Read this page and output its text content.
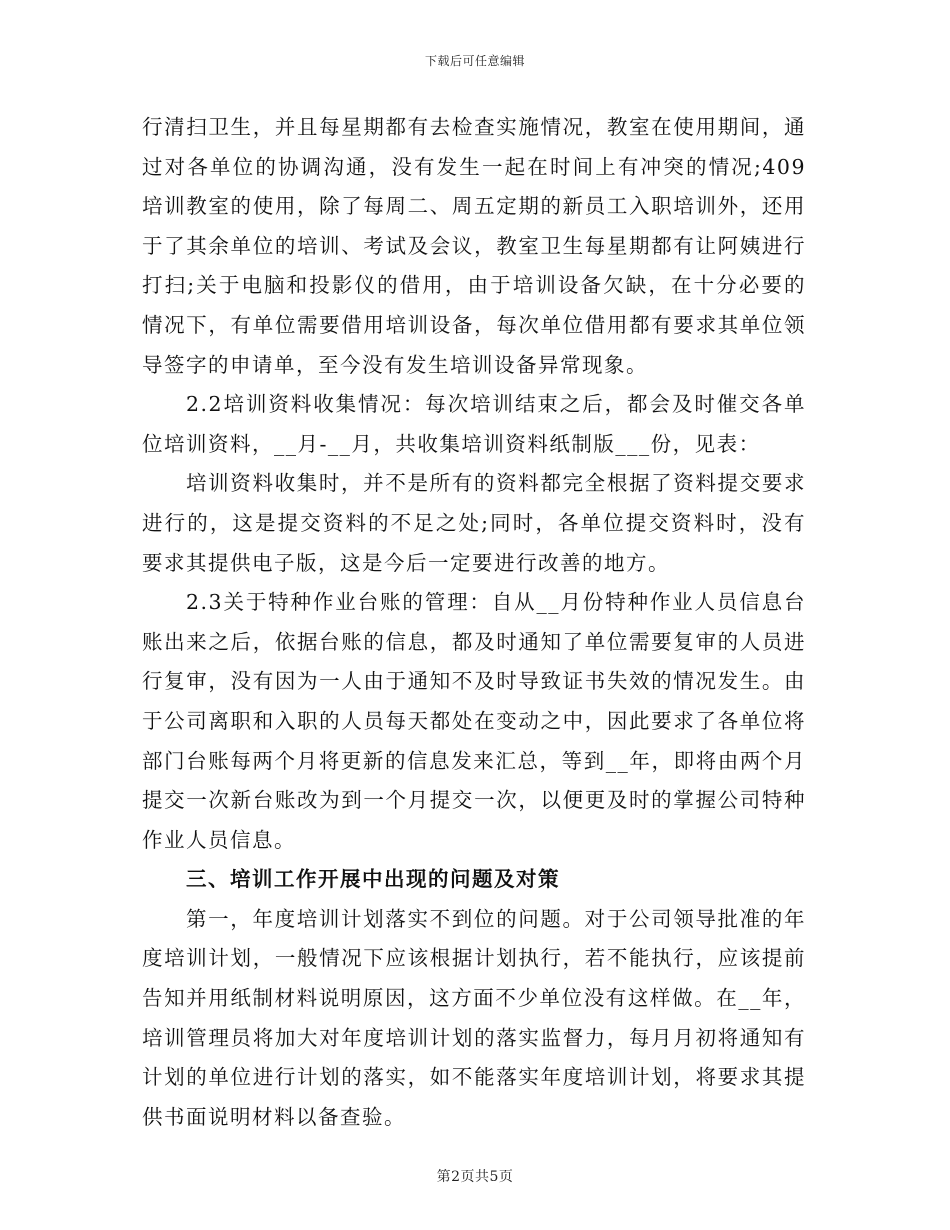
下载后可任意编辑

行清扫卫生，并且每星期都有去检查实施情况，教室在使用期间，通过对各单位的协调沟通，没有发生一起在时间上有冲突的情况;409培训教室的使用，除了每周二、周五定期的新员工入职培训外，还用于了其余单位的培训、考试及会议，教室卫生每星期都有让阿姨进行打扫;关于电脑和投影仪的借用，由于培训设备欠缺，在十分必要的情况下，有单位需要借用培训设备，每次单位借用都有要求其单位领导签字的申请单，至今没有发生培训设备异常现象。

2.2培训资料收集情况：每次培训结束之后，都会及时催交各单位培训资料，__月-__月，共收集培训资料纸制版___份，见表：

培训资料收集时，并不是所有的资料都完全根据了资料提交要求进行的，这是提交资料的不足之处;同时，各单位提交资料时，没有要求其提供电子版，这是今后一定要进行改善的地方。

2.3关于特种作业台账的管理：自从__月份特种作业人员信息台账出来之后，依据台账的信息，都及时通知了单位需要复审的人员进行复审，没有因为一人由于通知不及时导致证书失效的情况发生。由于公司离职和入职的人员每天都处在变动之中，因此要求了各单位将部门台账每两个月将更新的信息发来汇总，等到__年，即将由两个月提交一次新台账改为到一个月提交一次，以便更及时的掌握公司特种作业人员信息。

三、培训工作开展中出现的问题及对策

第一，年度培训计划落实不到位的问题。对于公司领导批准的年度培训计划，一般情况下应该根据计划执行，若不能执行，应该提前告知并用纸制材料说明原因，这方面不少单位没有这样做。在__年，培训管理员将加大对年度培训计划的落实监督力，每月月初将通知有计划的单位进行计划的落实，如不能落实年度培训计划，将要求其提供书面说明材料以备查验。

第2页共5页
